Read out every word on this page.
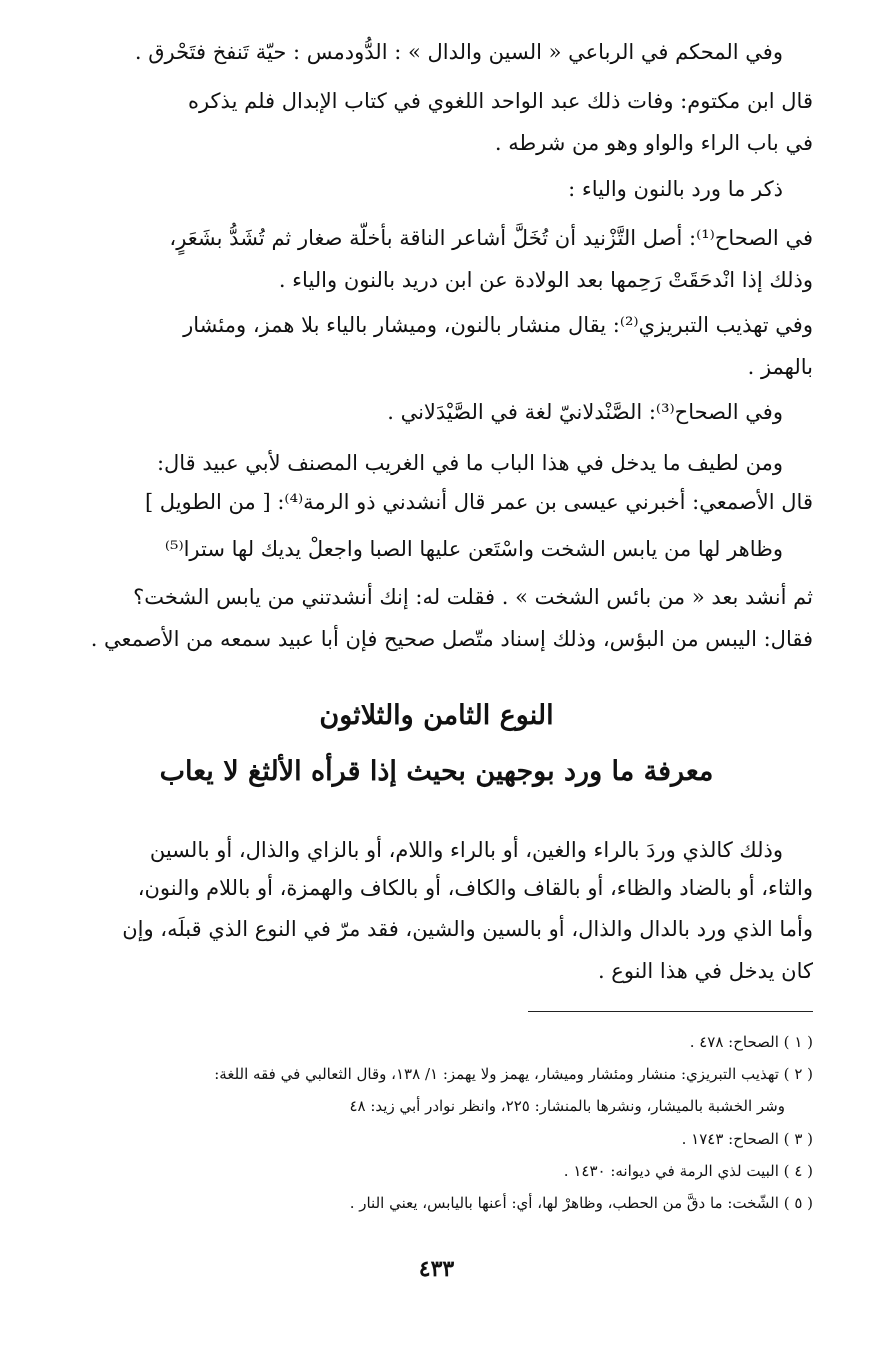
وفي المحكم في الرباعي « السين والدال » : الدُّودمس : حيّة تَنفخ فتَحْرق .
قال ابن مكتوم: وفات ذلك عبد الواحد اللغوي في كتاب الإبدال فلم يذكره
في باب الراء والواو وهو من شرطه .
ذكر ما ورد بالنون والياء :
في الصحاح⁽¹⁾: أصل التَّزْنيد أن تُخَلَّ أشاعر الناقة بأخلّة صغار ثم تُشَدُّ بشَعَرٍ،
وذلك إذا انْدحَقَتْ رَحِمها بعد الولادة عن ابن دريد بالنون والياء .
وفي تهذيب التبريزي⁽²⁾: يقال منشار بالنون، وميشار بالياء بلا همز، ومئشار
بالهمز .
وفي الصحاح⁽³⁾: الصَّنْدلانيّ لغة في الصَّيْدَلاني .
ومن لطيف ما يدخل في هذا الباب ما في الغريب المصنف لأبي عبيد قال:
قال الأصمعي: أخبرني عيسى بن عمر قال أنشدني ذو الرمة⁽⁴⁾: [ من الطويل ]
وظاهر لها من يابس الشخت واسْتَعن عليها الصبا واجعلْ يديك لها سترا⁽⁵⁾
ثم أنشد بعد « من بائس الشخت » . فقلت له: إنك أنشدتني من يابس الشخت؟
فقال: اليبس من البؤس، وذلك إسناد متّصل صحيح فإن أبا عبيد سمعه من الأصمعي .
النوع الثامن والثلاثون
معرفة ما ورد بوجهين بحيث إذا قرأه الألثغ لا يعاب
وذلك كالذي وردَ بالراء والغين، أو بالراء واللام، أو بالزاي والذال، أو بالسين
والثاء، أو بالضاد والظاء، أو بالقاف والكاف، أو بالكاف والهمزة، أو باللام والنون،
وأما الذي ورد بالدال والذال، أو بالسين والشين، فقد مرّ في النوع الذي قبلَه، وإن
كان يدخل في هذا النوع .
( ١ ) الصحاح: ٤٧٨ .
( ٢ ) تهذيب التبريزي: منشار ومئشار وميشار، يهمز ولا يهمز: ١/ ١٣٨، وقال الثعالبي في فقه اللغة:
وشر الخشبة بالميشار، ونشرها بالمنشار: ٢٢٥، وانظر نوادر أبي زيد: ٤٨
( ٣ ) الصحاح: ١٧٤٣ .
( ٤ ) البيت لذي الرمة في ديوانه: ١٤٣٠ .
( ٥ ) الشّخت: ما دقَّ من الحطب، وظاهرْ لها، أي: أعنها باليابس، يعني النار .
٤٣٣
